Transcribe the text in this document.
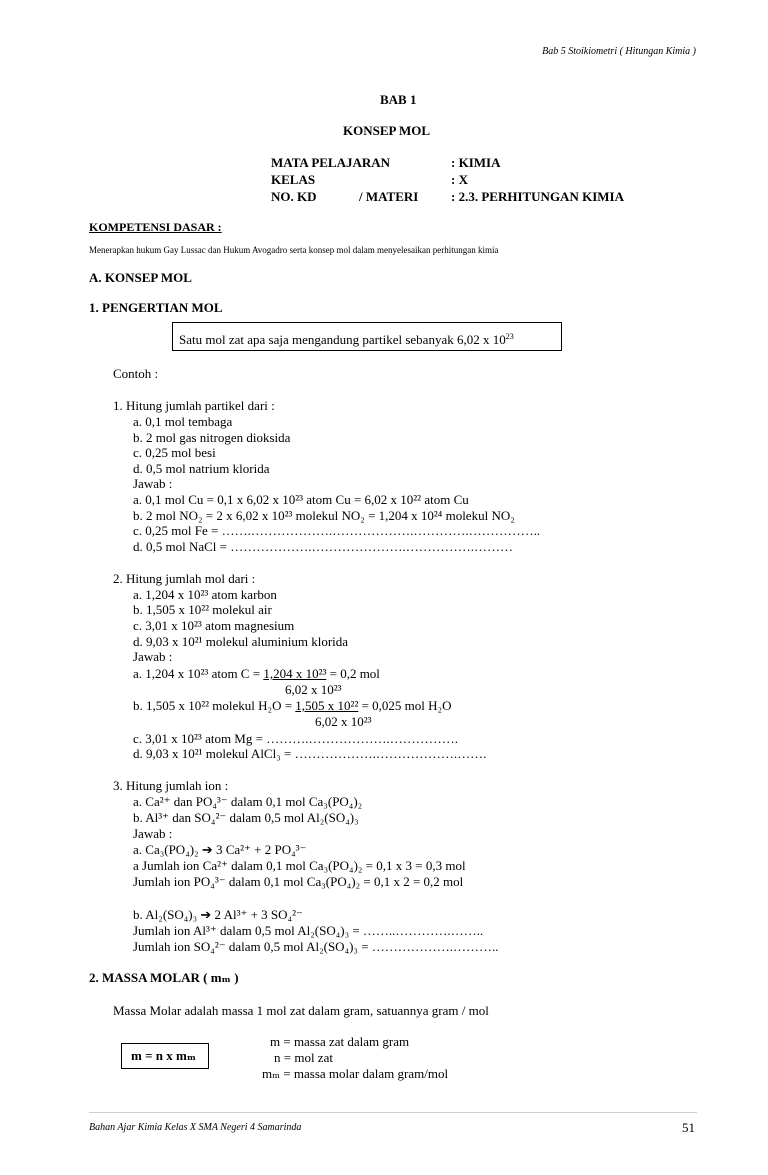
Bab 5 Stoikiometri ( Hitungan Kimia )
BAB 1
KONSEP MOL
MATA PELAJARAN	: KIMIA
KELAS	: X
NO. KD	/ MATERI	: 2.3. PERHITUNGAN KIMIA
KOMPETENSI DASAR :
Menerapkan hukum Gay Lussac dan Hukum Avogadro serta konsep mol dalam menyelesaikan perhitungan kimia
A. KONSEP MOL
1. PENGERTIAN MOL
Satu mol zat apa saja mengandung partikel sebanyak 6,02 x $10^{23}$
Contoh :
1. Hitung jumlah partikel dari :
a. 0,1 mol tembaga
b. 2 mol gas nitrogen dioksida
c. 0,25 mol besi
d. 0,5 mol natrium klorida
Jawab :
a. 0,1 mol Cu = 0,1 x 6,02 x 10²³ atom Cu = 6,02 x 10²² atom Cu
b. 2 mol NO₂ = 2 x 6,02 x 10²³ molekul NO₂ = 1,204 x 10²⁴ molekul NO₂
c. 0,25 mol Fe = …….……………….……………….………….……………..
d. 0,5 mol NaCl = ……………….………………….…………….………
2. Hitung jumlah mol dari :
a. 1,204 x 10²³ atom karbon
b. 1,505 x 10²² molekul air
c. 3,01 x 10²³ atom magnesium
d. 9,03 x 10²¹ molekul aluminium klorida
Jawab :
a. 1,204 x 10²³ atom C = 1,204 x 10²³ = 0,2 mol
6,02 x 10²³
b. 1,505 x 10²² molekul H₂O = 1,505 x 10²² = 0,025 mol H₂O
6,02 x 10²³
c. 3,01 x 10²³ atom Mg = ……….……………….…………….
d. 9,03 x 10²¹ molekul AlCl₃ = ……………….……………….…….
3. Hitung jumlah ion :
a. Ca²⁺ dan PO₄³⁻ dalam 0,1 mol Ca₃(PO₄)₂
b. Al³⁺ dan SO₄²⁻ dalam 0,5 mol Al₂(SO₄)₃
Jawab :
a. Ca₃(PO₄)₂ ➔ 3 Ca²⁺ + 2 PO₄³⁻
a Jumlah ion Ca²⁺ dalam 0,1 mol Ca₃(PO₄)₂ = 0,1 x 3 = 0,3 mol
Jumlah ion PO₄³⁻ dalam 0,1 mol Ca₃(PO₄)₂ = 0,1 x 2 = 0,2 mol
b. Al₂(SO₄)₃ ➔ 2 Al³⁺ + 3 SO₄²⁻
Jumlah ion Al³⁺ dalam 0,5 mol Al₂(SO₄)₃ = ……..………….……..
Jumlah ion SO₄²⁻ dalam 0,5 mol Al₂(SO₄)₃ = ……………….………..
2. MASSA MOLAR ( mₘ )
Massa Molar adalah massa 1 mol zat dalam gram, satuannya gram / mol
m = n x mₘ
m = massa zat dalam gram
n = mol zat
mₘ = massa molar dalam gram/mol
Bahan Ajar Kimia Kelas X SMA Negeri 4 Samarinda	51
